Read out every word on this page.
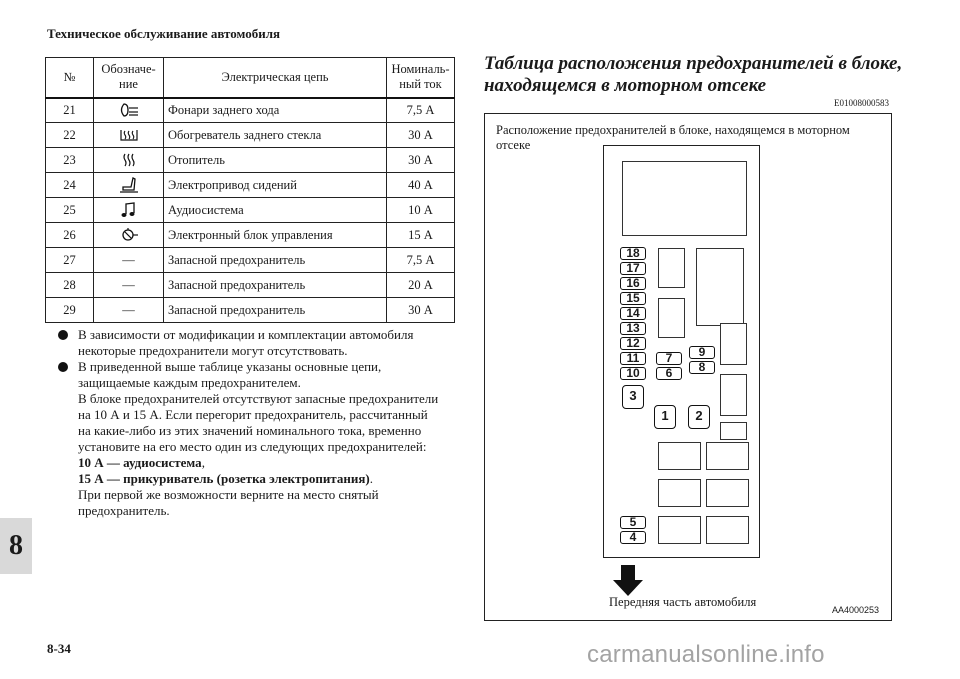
Техническое обслуживание автомобиля
№	Обозначе-ние	Электрическая цепь	Номиналь-ный ток
21		Фонари заднего хода	7,5 А
22		Обогреватель заднего стекла	30 А
23		Отопитель	30 А
24		Электропривод сидений	40 А
25		Аудиосистема	10 А
26		Электронный блок управления	15 А
27	—	Запасной предохранитель	7,5 А
28	—	Запасной предохранитель	20 А
29	—	Запасной предохранитель	30 А
В зависимости от модификации и комплектации автомобиля
некоторые предохранители могут отсутствовать.
В приведенной выше таблице указаны основные цепи,
защищаемые каждым предохранителем.
В блоке предохранителей отсутствуют запасные предохранители
на 10 А и 15 А. Если перегорит предохранитель, рассчитанный
на какие-либо из этих значений номинального тока, временно
установите на его место один из следующих предохранителей:
10 А — аудиосистема,
15 А — прикуриватель (розетка электропитания).
При первой же возможности верните на место снятый
предохранитель.
Таблица расположения предохранителей в блоке,
находящемся в моторном отсеке
E01008000583
Расположение предохранителей в блоке, находящемся в моторном отсеке
18
17
16
15
14
13
12
11
10
7
6
9
8
3
1	2
5
4
Передняя часть автомобиля
AA4000253
8
8-34	carmanualsonline.info
